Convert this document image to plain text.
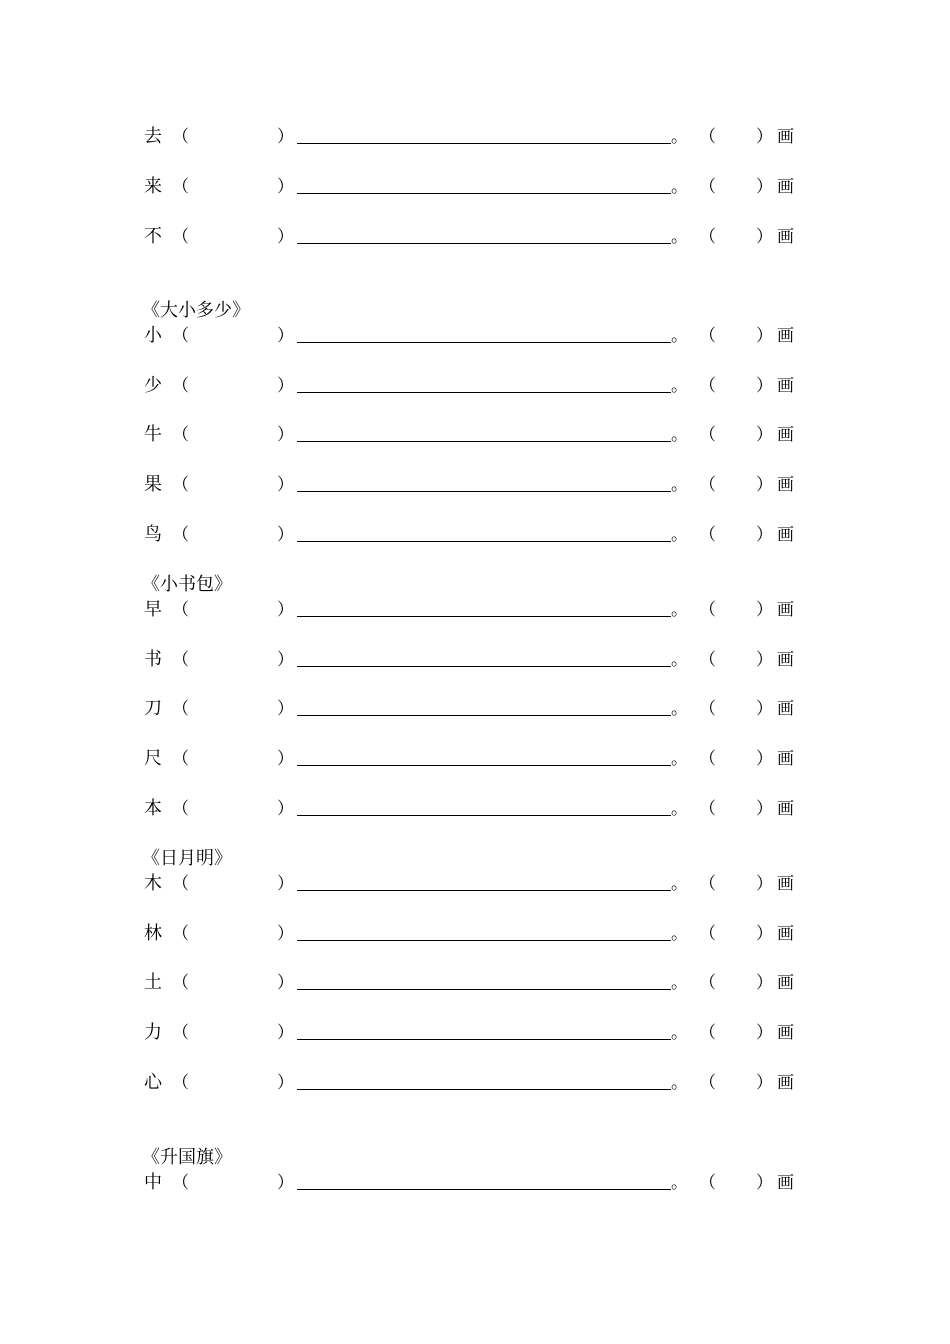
《大小多少》
《小书包》
《日月明》
《升国旗》
去 （	）	。 （ ） 画
来 （	）	。 （ ） 画
不 （	）	。 （ ） 画
小 （	）	。 （ ） 画
少 （	）	。 （ ） 画
牛 （	）	。 （ ） 画
果 （	）	。 （ ） 画
鸟 （	）	。 （ ） 画
早 （	）	。 （ ） 画
书 （	）	。 （ ） 画
刀 （	）	。 （ ） 画
尺 （	）	。 （ ） 画
本 （	）	。 （ ） 画
木 （	）	。 （ ） 画
林 （	）	。 （ ） 画
土 （	）	。 （ ） 画
力 （	）	。 （ ） 画
心 （	）	。 （ ） 画
中 （	）	。 （ ） 画
